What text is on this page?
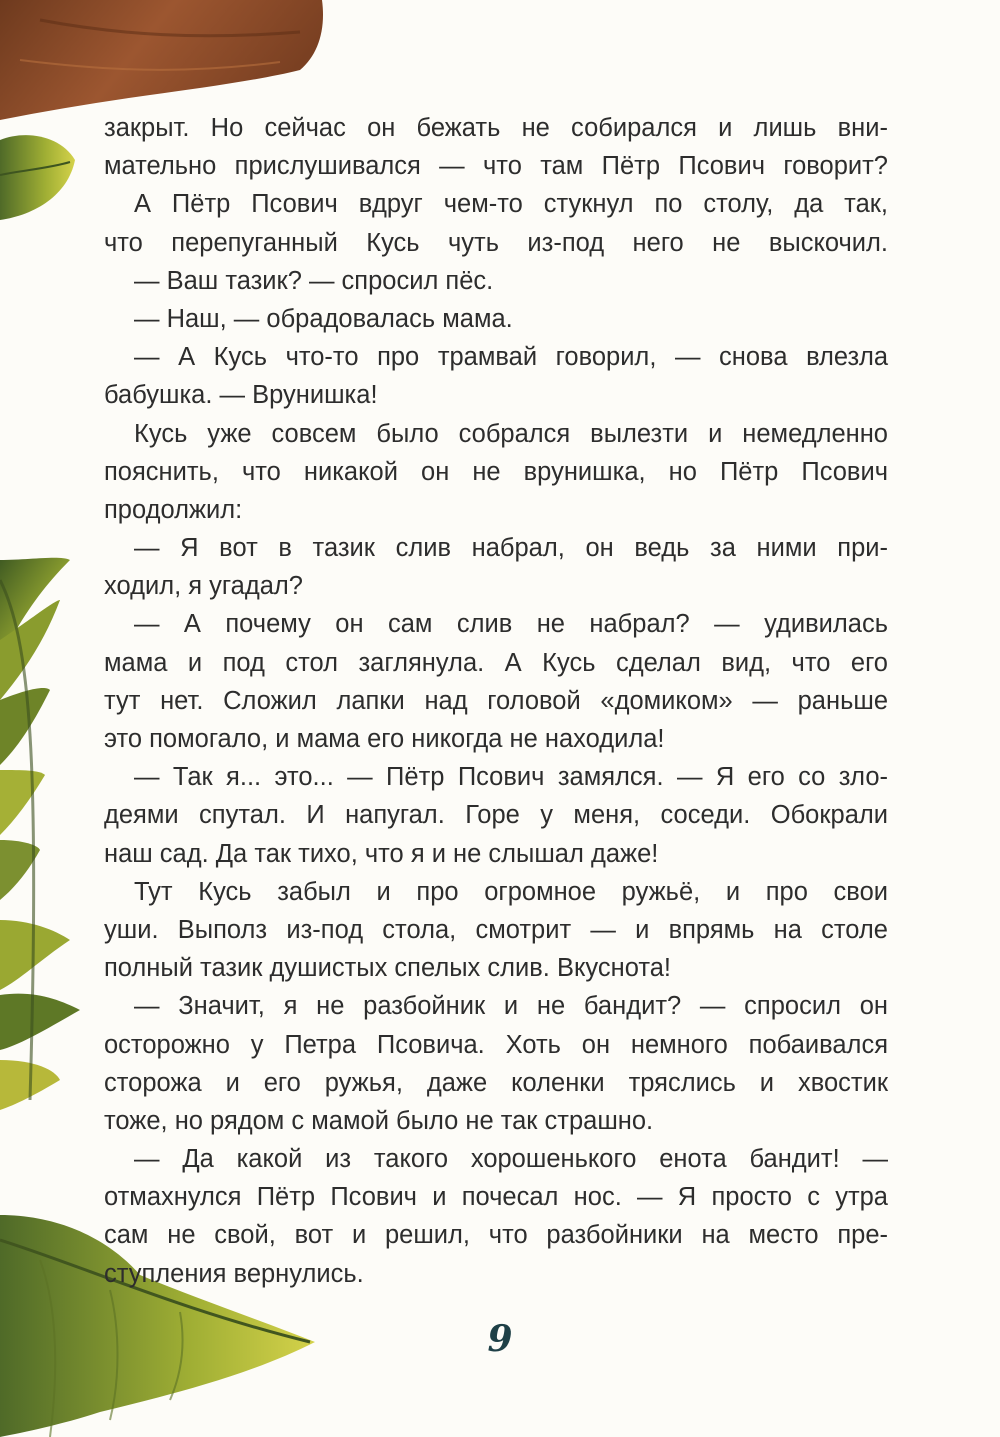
закрыт. Но сейчас он бежать не собирался и лишь вни-
мательно прислушивался — что там Пётр Псович говорит?
А Пётр Псович вдруг чем-то стукнул по столу, да так,
что перепуганный Кусь чуть из-под него не выскочил.
— Ваш тазик? — спросил пёс.
— Наш, — обрадовалась мама.
— А Кусь что-то про трамвай говорил, — снова влезла
бабушка. — Врунишка!
Кусь уже совсем было собрался вылезти и немедленно
пояснить, что никакой он не врунишка, но Пётр Псович
продолжил:
— Я вот в тазик слив набрал, он ведь за ними при-
ходил, я угадал?
— А почему он сам слив не набрал? — удивилась
мама и под стол заглянула. А Кусь сделал вид, что его
тут нет. Сложил лапки над головой «домиком» — раньше
это помогало, и мама его никогда не находила!
— Так я... это... — Пётр Псович замялся. — Я его со зло-
деями спутал. И напугал. Горе у меня, соседи. Обокрали
наш сад. Да так тихо, что я и не слышал даже!
Тут Кусь забыл и про огромное ружьё, и про свои
уши. Выполз из-под стола, смотрит — и впрямь на столе
полный тазик душистых спелых слив. Вкуснота!
— Значит, я не разбойник и не бандит? — спросил он
осторожно у Петра Псовича. Хоть он немного побаивался
сторожа и его ружья, даже коленки тряслись и хвостик
тоже, но рядом с мамой было не так страшно.
— Да какой из такого хорошенького енота бандит! —
отмахнулся Пётр Псович и почесал нос. — Я просто с утра
сам не свой, вот и решил, что разбойники на место пре-
ступления вернулись.
9
